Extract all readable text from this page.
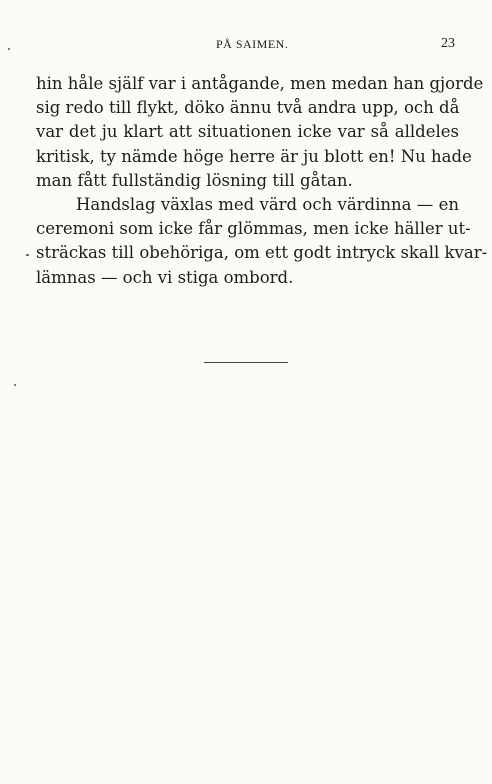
PÅ SAIMEN.	23
hin håle själf var i antågande, men medan han gjorde
sig redo till flykt, döko ännu två andra upp, och då
var det ju klart att situationen icke var så alldeles
kritisk, ty nämde höge herre är ju blott en! Nu hade
man fått fullständig lösning till gåtan.
Handslag växlas med värd och värdinna — en
ceremoni som icke får glömmas, men icke häller ut-
sträckas till obehöriga, om ett godt intryck skall kvar-
lämnas — och vi stiga ombord.
